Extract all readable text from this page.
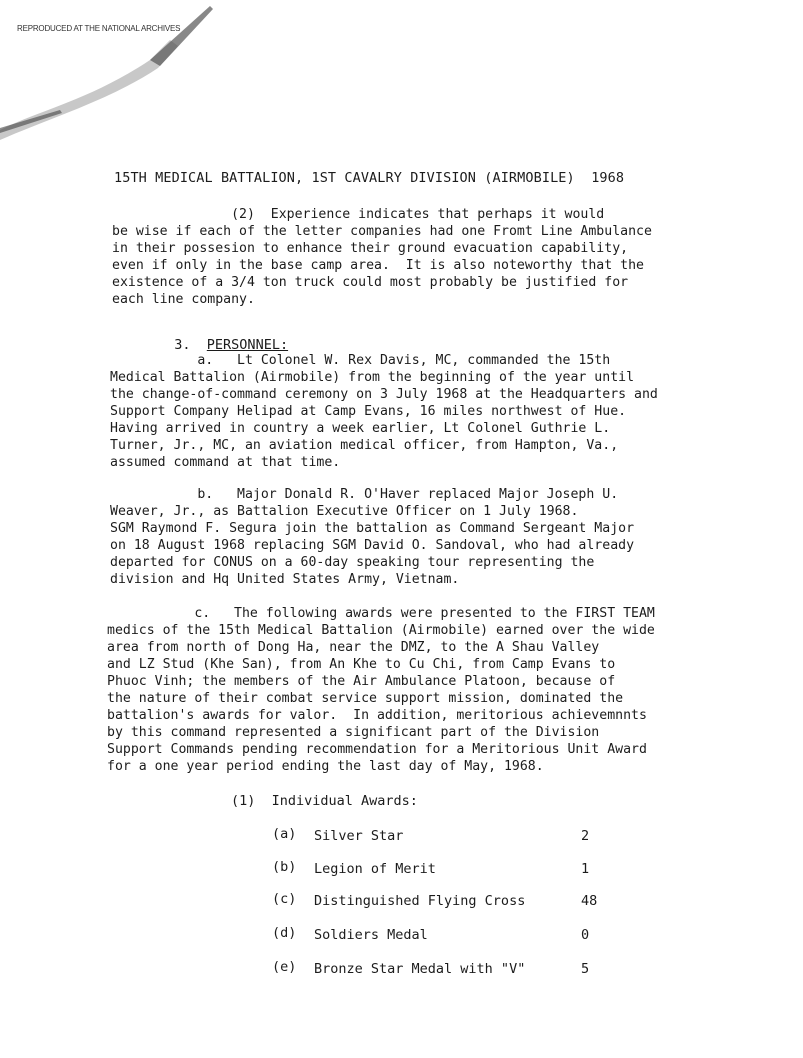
REPRODUCED AT THE NATIONAL ARCHIVES
15TH MEDICAL BATTALION, 1ST CAVALRY DIVISION (AIRMOBILE)  1968
(2)  Experience indicates that perhaps it would
be wise if each of the letter companies had one Fromt Line Ambulance
in their possesion to enhance their ground evacuation capability,
even if only in the base camp area.  It is also noteworthy that the
existence of a 3/4 ton truck could most probably be justified for
each line company.

3. PERSONNEL:

a.   Lt Colonel W. Rex Davis, MC, commanded the 15th
Medical Battalion (Airmobile) from the beginning of the year until
the change-of-command ceremony on 3 July 1968 at the Headquarters and
Support Company Helipad at Camp Evans, 16 miles northwest of Hue.
Having arrived in country a week earlier, Lt Colonel Guthrie L.
Turner, Jr., MC, an aviation medical officer, from Hampton, Va.,
assumed command at that time.
b.   Major Donald R. O'Haver replaced Major Joseph U.
Weaver, Jr., as Battalion Executive Officer on 1 July 1968.
SGM Raymond F. Segura join the battalion as Command Sergeant Major
on 18 August 1968 replacing SGM David O. Sandoval, who had already
departed for CONUS on a 60-day speaking tour representing the
division and Hq United States Army, Vietnam.
c.   The following awards were presented to the FIRST TEAM
medics of the 15th Medical Battalion (Airmobile) earned over the wide
area from north of Dong Ha, near the DMZ, to the A Shau Valley
and LZ Stud (Khe San), from An Khe to Cu Chi, from Camp Evans to
Phuoc Vinh; the members of the Air Ambulance Platoon, because of
the nature of their combat service support mission, dominated the
battalion's awards for valor.  In addition, meritorious achievemnnts
by this command represented a significant part of the Division
Support Commands pending recommendation for a Meritorious Unit Award
for a one year period ending the last day of May, 1968.
(1)  Individual Awards:
(a) Silver Star	2
(b) Legion of Merit	1
(c) Distinguished Flying Cross	48
(d) Soldiers Medal	0
(e) Bronze Star Medal with "V"	5
